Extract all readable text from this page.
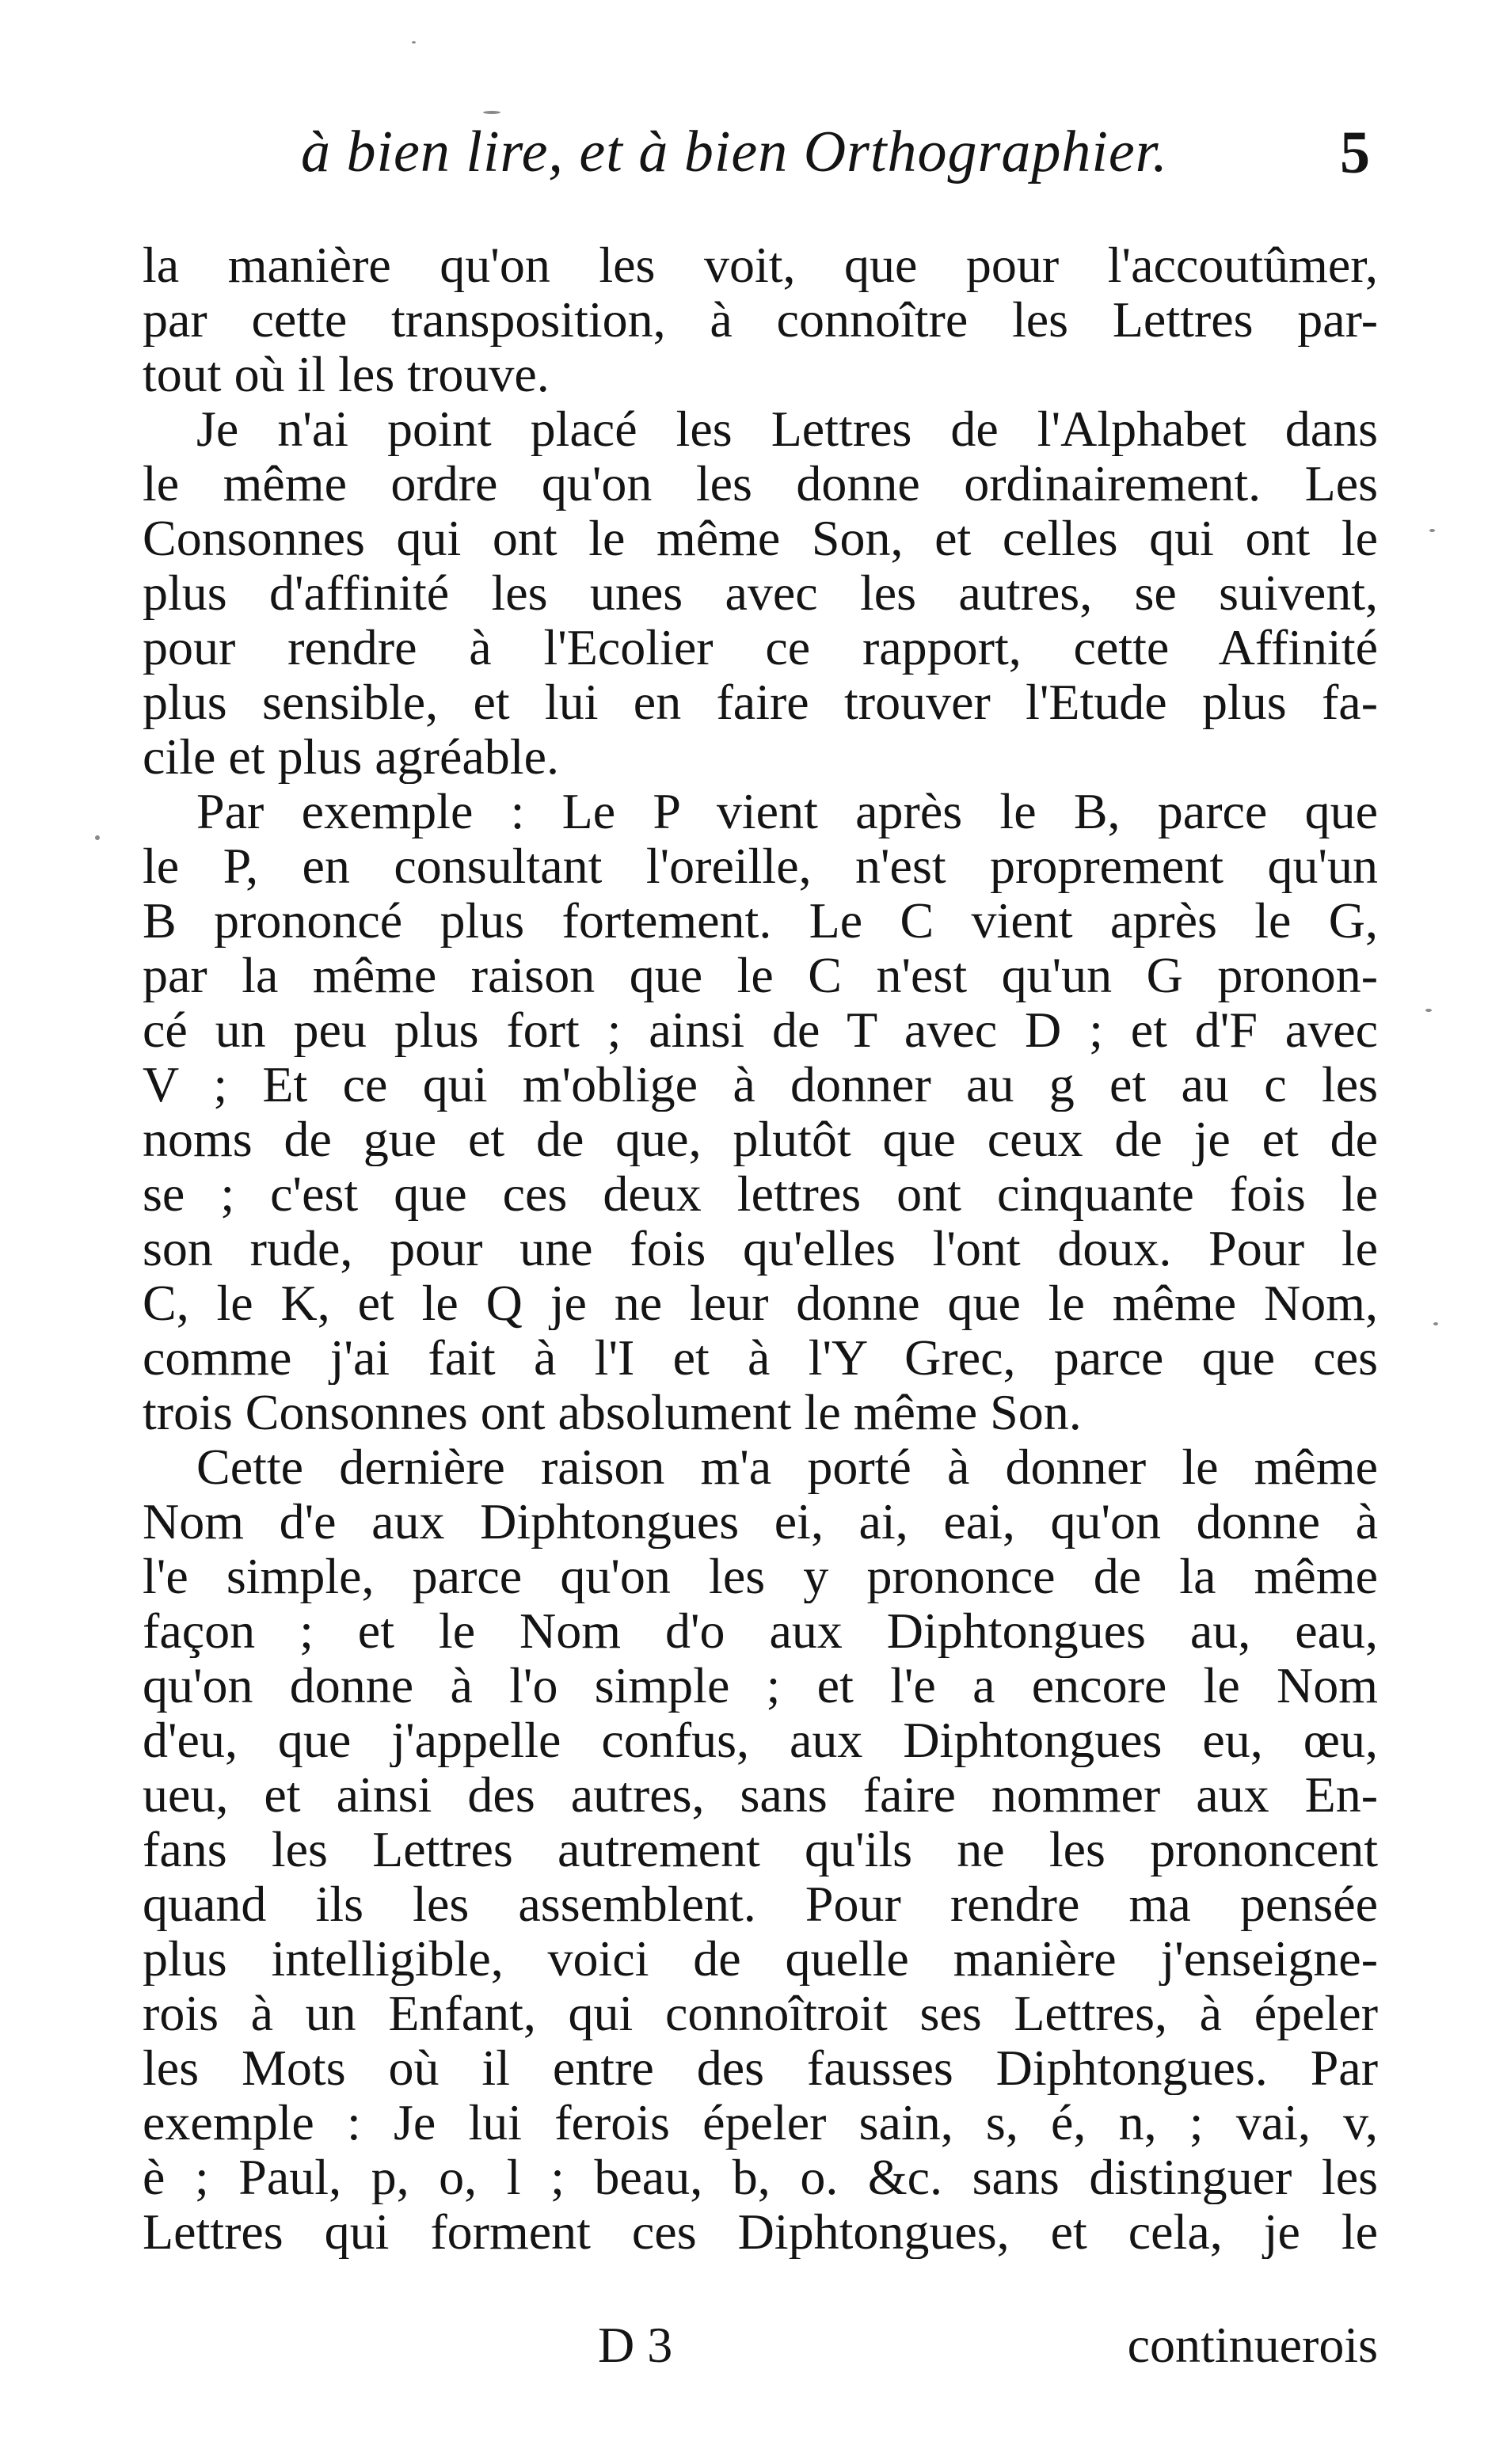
à bien lire, et à bien Orthographier.	5
la manière qu'on les voit, que pour l'accoutûmer,
par cette transposition, à connoître les Lettres par-
tout où il les trouve.
Je n'ai point placé les Lettres de l'Alphabet dans
le même ordre qu'on les donne ordinairement. Les
Consonnes qui ont le même Son, et celles qui ont le
plus d'affinité les unes avec les autres, se suivent,
pour rendre à l'Ecolier ce rapport, cette Affinité
plus sensible, et lui en faire trouver l'Etude plus fa-
cile et plus agréable.
Par exemple : Le P vient après le B, parce que
le P, en consultant l'oreille, n'est proprement qu'un
B prononcé plus fortement. Le C vient après le G,
par la même raison que le C n'est qu'un G pronon-
cé un peu plus fort ; ainsi de T avec D ; et d'F avec
V ; Et ce qui m'oblige à donner au g et au c les
noms de gue et de que, plutôt que ceux de je et de
se ; c'est que ces deux lettres ont cinquante fois le
son rude, pour une fois qu'elles l'ont doux. Pour le
C, le K, et le Q je ne leur donne que le même Nom,
comme j'ai fait à l'I et à l'Y Grec, parce que ces
trois Consonnes ont absolument le même Son.
Cette dernière raison m'a porté à donner le même
Nom d'e aux Diphtongues ei, ai, eai, qu'on donne à
l'e simple, parce qu'on les y prononce de la même
façon ; et le Nom d'o aux Diphtongues au, eau,
qu'on donne à l'o simple ; et l'e a encore le Nom
d'eu, que j'appelle confus, aux Diphtongues eu, œu,
ueu, et ainsi des autres, sans faire nommer aux En-
fans les Lettres autrement qu'ils ne les prononcent
quand ils les assemblent. Pour rendre ma pensée
plus intelligible, voici de quelle manière j'enseigne-
rois à un Enfant, qui connoîtroit ses Lettres, à épeler
les Mots où il entre des fausses Diphtongues. Par
exemple : Je lui ferois épeler sain, s, é, n, ; vai, v,
è ; Paul, p, o, l ; beau, b, o. &c. sans distinguer les
Lettres qui forment ces Diphtongues, et cela, je le
D 3	continuerois
